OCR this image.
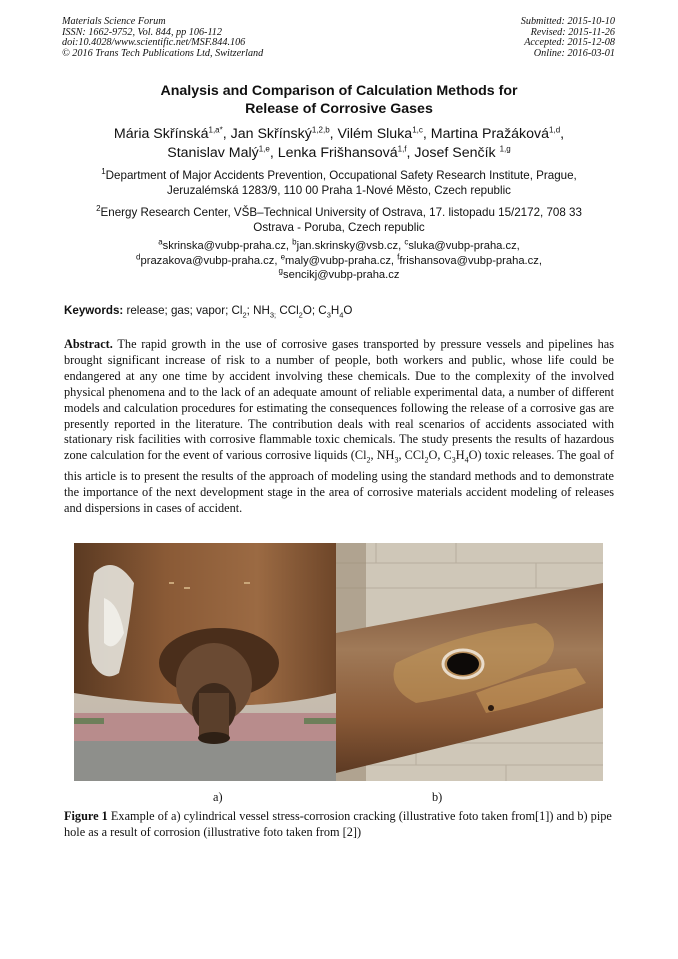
Materials Science Forum
ISSN: 1662-9752, Vol. 844, pp 106-112
doi:10.4028/www.scientific.net/MSF.844.106
© 2016 Trans Tech Publications Ltd, Switzerland
Submitted: 2015-10-10
Revised: 2015-11-26
Accepted: 2015-12-08
Online: 2016-03-01
Analysis and Comparison of Calculation Methods for
Release of Corrosive Gases
Mária Skřínská$^{1,a*}$, Jan Skřínský$^{1,2,b}$, Vilém Sluka$^{1,c}$, Martina Pražáková$^{1,d}$,
Stanislav Malý$^{1,e}$, Lenka Frišhansová$^{1,f}$, Josef Senčík $^{1,g}$
$^1$Department of Major Accidents Prevention, Occupational Safety Research Institute, Prague,
Jeruzalémská 1283/9, 110 00 Praha 1-Nové Město, Czech republic
$^2$Energy Research Center, VŠB–Technical University of Ostrava, 17. listopadu 15/2172, 708 33
Ostrava - Poruba, Czech republic
$^a$skrinska@vubp-praha.cz, $^b$jan.skrinsky@vsb.cz, $^c$sluka@vubp-praha.cz,
$^d$prazakova@vubp-praha.cz, $^e$maly@vubp-praha.cz, $^f$frishansova@vubp-praha.cz,
$^g$sencikj@vubp-praha.cz
Keywords: release; gas; vapor; $Cl_2$; $NH_{3;}$ CCl$_2$O; $C_3H_4O$
Abstract. The rapid growth in the use of corrosive gases transported by pressure vessels and pipelines has brought significant increase of risk to a number of people, both workers and public, whose life could be endangered at any one time by accident involving these chemicals. Due to the complexity of the involved physical phenomena and to the lack of an adequate amount of reliable experimental data, a number of different models and calculation procedures for estimating the consequences following the release of a corrosive gas are presently reported in the literature. The contribution deals with real scenarios of accidents associated with stationary risk facilities with corrosive flammable toxic chemicals. The study presents the results of hazardous zone calculation for the event of various corrosive liquids ($Cl_2$, $NH_3$, CCl$_2$O, $C_3H_4O$) toxic releases. The goal of this article is to present the results of the approach of modeling using the standard methods and to demonstrate the importance of the next development stage in the area of corrosive materials accident modeling of releases and dispersions in cases of accident.
a)	b)
Figure 1 Example of a) cylindrical vessel stress-corrosion cracking (illustrative foto taken from[1]) and b) pipe hole as a result of corrosion (illustrative foto taken from [2])
